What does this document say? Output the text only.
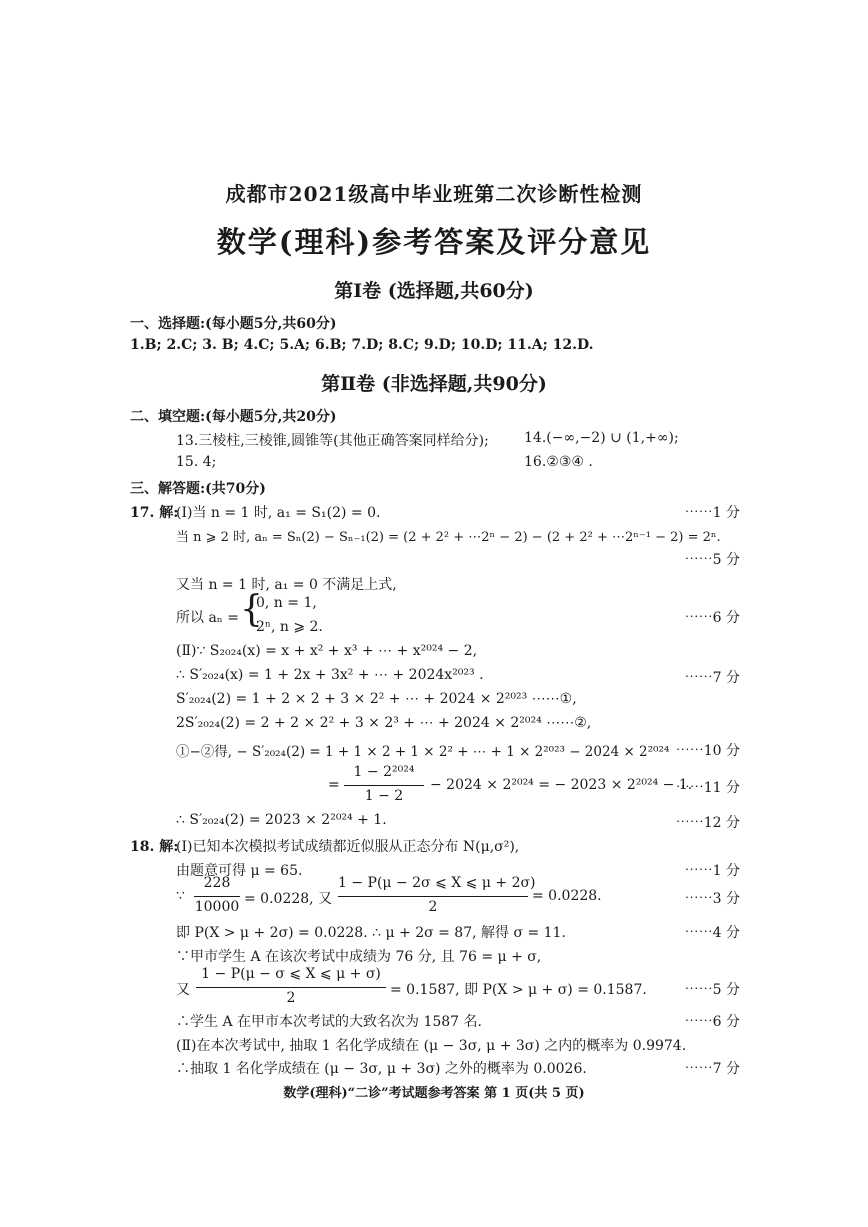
成都市2021级高中毕业班第二次诊断性检测
数学(理科)参考答案及评分意见
第Ⅰ卷 (选择题,共60分)
一、选择题:(每小题5分,共60分)
1.B; 2.C; 3. B; 4.C; 5.A; 6.B; 7.D; 8.C; 9.D; 10.D; 11.A; 12.D.
第Ⅱ卷 (非选择题,共90分)
二、填空题:(每小题5分,共20分)
13.三棱柱,三棱锥,圆锥等(其他正确答案同样给分);	14.(−∞,−2) ∪ (1,+∞);
15. 4;	16.②③④ .
三、解答题:(共70分)
17. 解:
(Ⅰ)当 n = 1 时, a₁ = S₁(2) = 0.	⋯⋯1 分
当 n ⩾ 2 时, aₙ = Sₙ(2) − Sₙ₋₁(2) = (2 + 2² + ⋯2ⁿ − 2) − (2 + 2² + ⋯2ⁿ⁻¹ − 2) = 2ⁿ.
⋯⋯5 分
又当 n = 1 时, a₁ = 0 不满足上式,
所以 aₙ = {
0, n = 1,
2ⁿ, n ⩾ 2.
⋯⋯6 分
(Ⅱ)∵ S₂₀₂₄(x) = x + x² + x³ + ⋯ + x²⁰²⁴ − 2,
∴ S′₂₀₂₄(x) = 1 + 2x + 3x² + ⋯ + 2024x²⁰²³ .	⋯⋯7 分
S′₂₀₂₄(2) = 1 + 2 × 2 + 3 × 2² + ⋯ + 2024 × 2²⁰²³ ⋯⋯①,
2S′₂₀₂₄(2) = 2 + 2 × 2² + 3 × 2³ + ⋯ + 2024 × 2²⁰²⁴ ⋯⋯②,
①−②得, − S′₂₀₂₄(2) = 1 + 1 × 2 + 1 × 2² + ⋯ + 1 × 2²⁰²³ − 2024 × 2²⁰²⁴ ⋯⋯10 分
=
1 − 2²⁰²⁴
1 − 2
− 2024 × 2²⁰²⁴ = − 2023 × 2²⁰²⁴ − 1.
⋯⋯11 分
∴ S′₂₀₂₄(2) = 2023 × 2²⁰²⁴ + 1.	⋯⋯12 分
18. 解:
(Ⅰ)已知本次模拟考试成绩都近似服从正态分布 N(μ,σ²),
由题意可得 μ = 65.	⋯⋯1 分
∵
228
10000 = 0.0228, 又
1 − P(μ − 2σ ⩽ X ⩽ μ + 2σ)
2
= 0.0228.	⋯⋯3 分
即 P(X > μ + 2σ) = 0.0228. ∴ μ + 2σ = 87, 解得 σ = 11.	⋯⋯4 分
∵甲市学生 A 在该次考试中成绩为 76 分, 且 76 = μ + σ,
又
1 − P(μ − σ ⩽ X ⩽ μ + σ)
2	= 0.1587, 即 P(X > μ + σ) = 0.1587.	⋯⋯5 分
∴学生 A 在甲市本次考试的大致名次为 1587 名.	⋯⋯6 分
(Ⅱ)在本次考试中, 抽取 1 名化学成绩在 (μ − 3σ, μ + 3σ) 之内的概率为 0.9974.
∴抽取 1 名化学成绩在 (μ − 3σ, μ + 3σ) 之外的概率为 0.0026.	⋯⋯7 分
数学(理科)“二诊”考试题参考答案 第 1 页(共 5 页)
